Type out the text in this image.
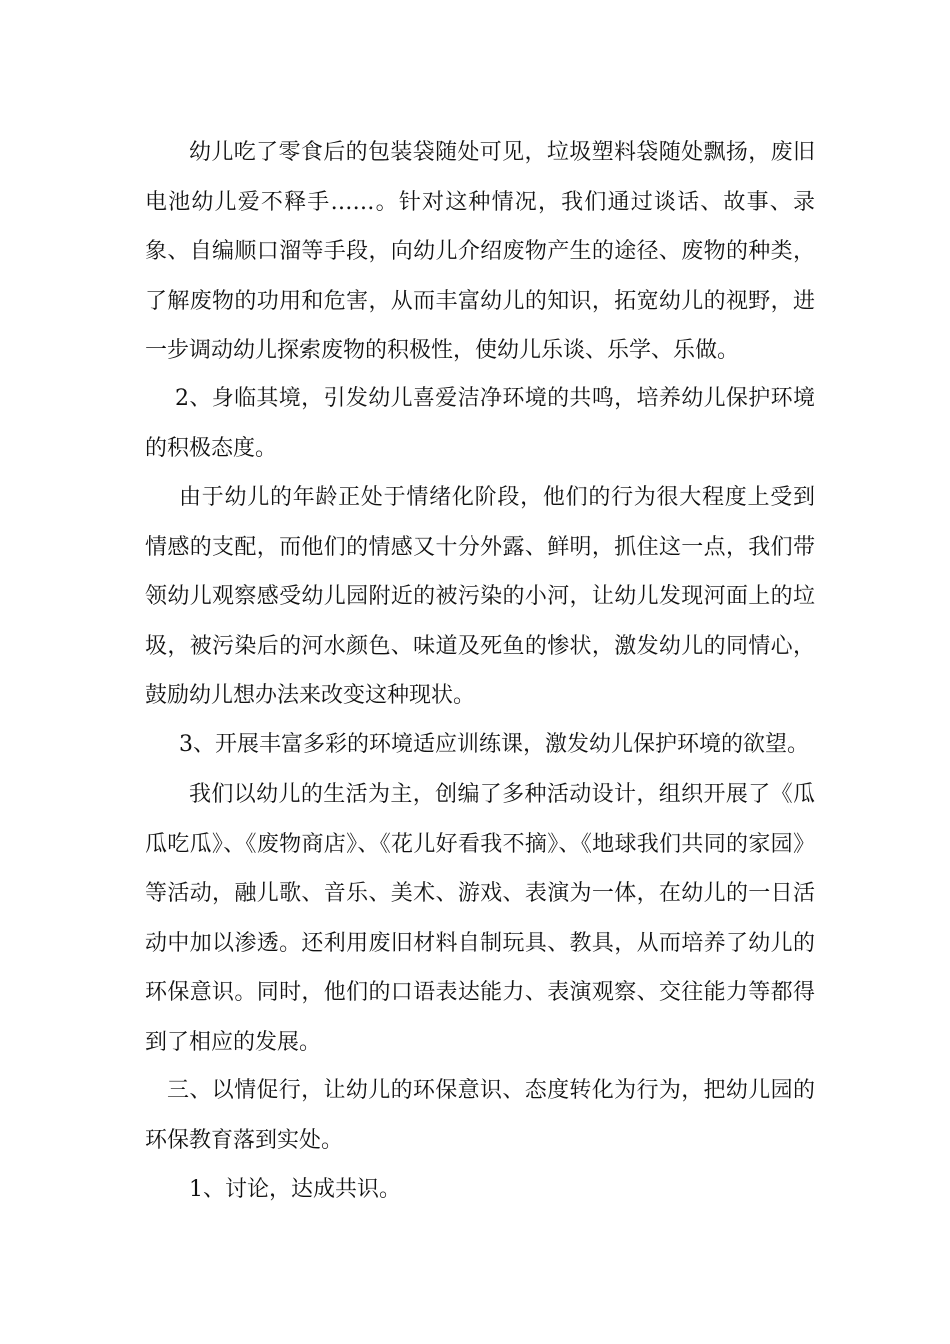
幼儿吃了零食后的包装袋随处可见，垃圾塑料袋随处飘扬，废旧电池幼儿爱不释手……。针对这种情况，我们通过谈话、故事、录象、自编顺口溜等手段，向幼儿介绍废物产生的途径、废物的种类，了解废物的功用和危害，从而丰富幼儿的知识，拓宽幼儿的视野，进一步调动幼儿探索废物的积极性，使幼儿乐谈、乐学、乐做。

2、身临其境，引发幼儿喜爱洁净环境的共鸣，培养幼儿保护环境的积极态度。

由于幼儿的年龄正处于情绪化阶段，他们的行为很大程度上受到情感的支配，而他们的情感又十分外露、鲜明，抓住这一点，我们带领幼儿观察感受幼儿园附近的被污染的小河，让幼儿发现河面上的垃圾，被污染后的河水颜色、味道及死鱼的惨状，激发幼儿的同情心，鼓励幼儿想办法来改变这种现状。

3、开展丰富多彩的环境适应训练课，激发幼儿保护环境的欲望。

我们以幼儿的生活为主，创编了多种活动设计，组织开展了《瓜瓜吃瓜》、《废物商店》、《花儿好看我不摘》、《地球我们共同的家园》等活动，融儿歌、音乐、美术、游戏、表演为一体，在幼儿的一日活动中加以渗透。还利用废旧材料自制玩具、教具，从而培养了幼儿的环保意识。同时，他们的口语表达能力、表演观察、交往能力等都得到了相应的发展。

三、以情促行，让幼儿的环保意识、态度转化为行为，把幼儿园的环保教育落到实处。

1、讨论，达成共识。
